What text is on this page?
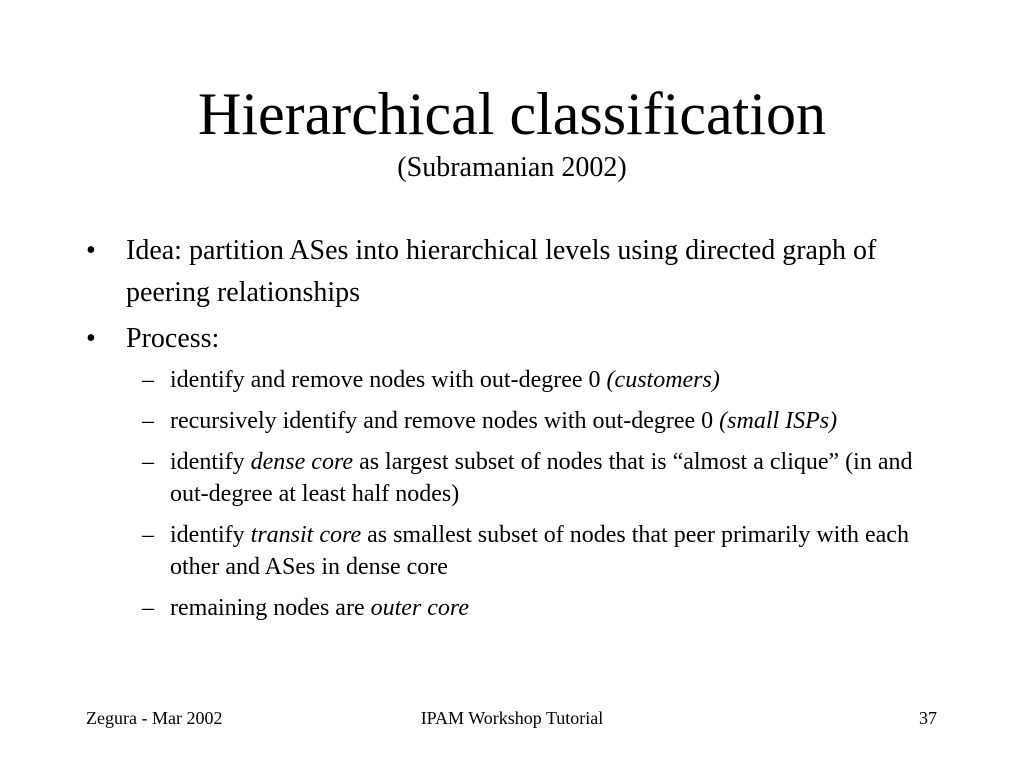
Hierarchical classification
(Subramanian 2002)
• Idea: partition ASes into hierarchical levels using directed graph of peering relationships
• Process:
– identify and remove nodes with out-degree 0 (customers)
– recursively identify and remove nodes with out-degree 0 (small ISPs)
– identify dense core as largest subset of nodes that is “almost a clique” (in and out-degree at least half nodes)
– identify transit core as smallest subset of nodes that peer primarily with each other and ASes in dense core
– remaining nodes are outer core
Zegura - Mar 2002	IPAM Workshop Tutorial	37
